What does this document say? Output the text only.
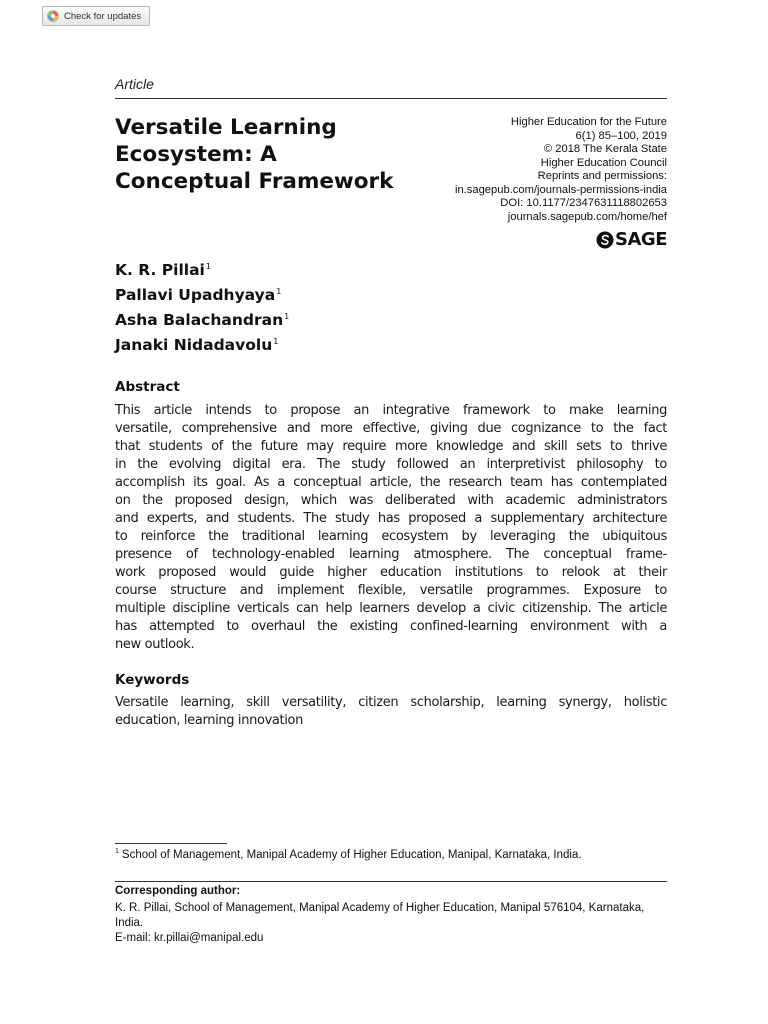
Check for updates
Article
Versatile Learning
Ecosystem: A
Conceptual Framework
Higher Education for the Future
6(1) 85–100, 2019
© 2018 The Kerala State
Higher Education Council
Reprints and permissions:
in.sagepub.com/journals-permissions-india
DOI: 10.1177/2347631118802653
journals.sagepub.com/home/hef
SAGE
K. R. Pillai$^1$
Pallavi Upadhyaya$^1$
Asha Balachandran$^1$
Janaki Nidadavolu$^1$
Abstract
This article intends to propose an integrative framework to make learning
versatile, comprehensive and more effective, giving due cognizance to the fact
that students of the future may require more knowledge and skill sets to thrive
in the evolving digital era. The study followed an interpretivist philosophy to
accomplish its goal. As a conceptual article, the research team has contemplated
on the proposed design, which was deliberated with academic administrators
and experts, and students. The study has proposed a supplementary architecture
to reinforce the traditional learning ecosystem by leveraging the ubiquitous
presence of technology-enabled learning atmosphere. The conceptual frame-
work proposed would guide higher education institutions to relook at their
course structure and implement flexible, versatile programmes. Exposure to
multiple discipline verticals can help learners develop a civic citizenship. The article
has attempted to overhaul the existing confined-learning environment with a
new outlook.
Keywords
Versatile learning, skill versatility, citizen scholarship, learning synergy, holistic
education, learning innovation
$^1$ School of Management, Manipal Academy of Higher Education, Manipal, Karnataka, India.
Corresponding author:
K. R. Pillai, School of Management, Manipal Academy of Higher Education, Manipal 576104, Karnataka,
India.
E-mail: kr.pillai@manipal.edu
